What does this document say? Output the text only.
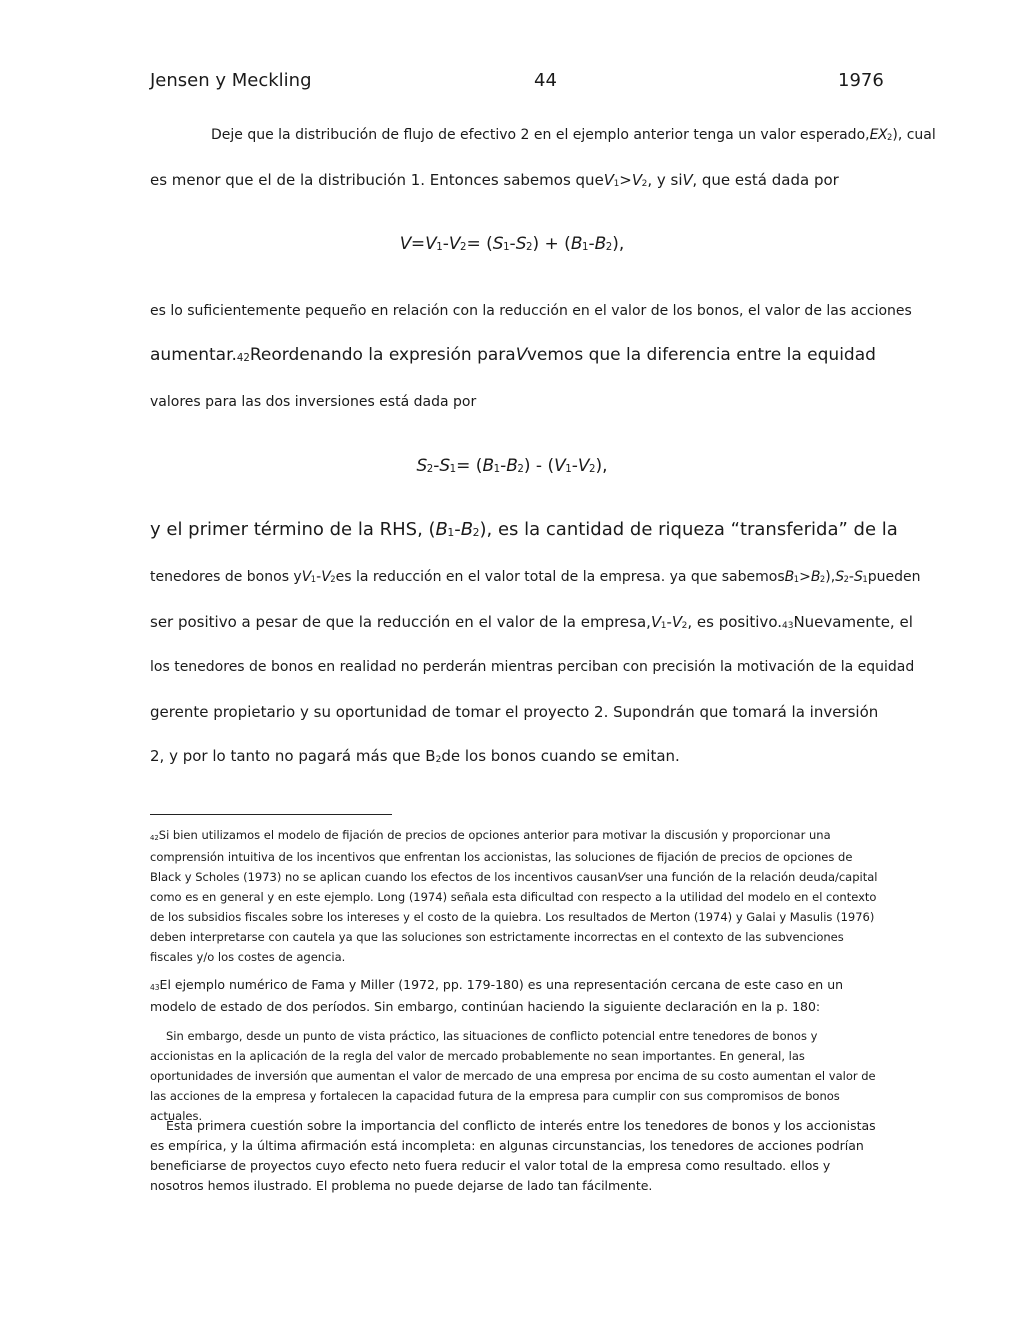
Jensen y Meckling	44	1976
Deje que la distribución de flujo de efectivo 2 en el ejemplo anterior tenga un valor $esperado,EX_2$), cual
es menor que el de la distribución 1. Entonces sabemos $queV_1>V_2$, y siV, que está dada por
$V=V_1-V_2= (S_1-S_2) + (B_1-B_2)$,
es lo suficientemente pequeño en relación con la reducción en el valor de los bonos, el valor de las acciones
$aumentar._{42}Reordenando$ la expresión paraVvemos que la diferencia entre la equidad
valores para las dos inversiones está dada por
$S_2-S_1= (B_1-B_2) - (V_1-V_2)$,
y el primer término de la RHS, $(B_1-B_2)$, es la cantidad de riqueza “transferida” de la
tenedores de bonos $yV_1-V_2es$ la reducción en el valor total de la empresa. ya que $sabemosB_1>B_2),S_2-S_1pueden$
ser positivo a pesar de que la reducción en el valor de la $empresa,V_1-V_2$, es $positivo._{43}Nuevamente$, el
los tenedores de bonos en realidad no perderán mientras perciban con precisión la motivación de la equidad
gerente propietario y su oportunidad de tomar el proyecto 2. Supondrán que tomará la inversión
2, y por lo tanto no pagará más que $B_2de$ los bonos cuando se emitan.
$_{42}$Si bien utilizamos el modelo de fijación de precios de opciones anterior para motivar la discusión y proporcionar una comprensión intuitiva de los incentivos que enfrentan los accionistas, las soluciones de fijación de precios de opciones de Black y Scholes (1973) no se aplican cuando los efectos de los incentivos causanVser una función de la relación deuda/capital como es en general y en este ejemplo. Long (1974) señala esta dificultad con respecto a la utilidad del modelo en el contexto de los subsidios fiscales sobre los intereses y el costo de la quiebra. Los resultados de Merton (1974) y Galai y Masulis (1976) deben interpretarse con cautela ya que las soluciones son estrictamente incorrectas en el contexto de las subvenciones fiscales y/o los costes de agencia.
$_{43}$El ejemplo numérico de Fama y Miller (1972, pp. 179-180) es una representación cercana de este caso en un modelo de estado de dos períodos. Sin embargo, continúan haciendo la siguiente declaración en la p. 180:
Sin embargo, desde un punto de vista práctico, las situaciones de conflicto potencial entre tenedores de bonos y accionistas en la aplicación de la regla del valor de mercado probablemente no sean importantes. En general, las oportunidades de inversión que aumentan el valor de mercado de una empresa por encima de su costo aumentan el valor de las acciones de la empresa y fortalecen la capacidad futura de la empresa para cumplir con sus compromisos de bonos actuales.
Esta primera cuestión sobre la importancia del conflicto de interés entre los tenedores de bonos y los accionistas es empírica, y la última afirmación está incompleta: en algunas circunstancias, los tenedores de acciones podrían beneficiarse de proyectos cuyo efecto neto fuera reducir el valor total de la empresa como resultado. ellos y nosotros hemos ilustrado. El problema no puede dejarse de lado tan fácilmente.
